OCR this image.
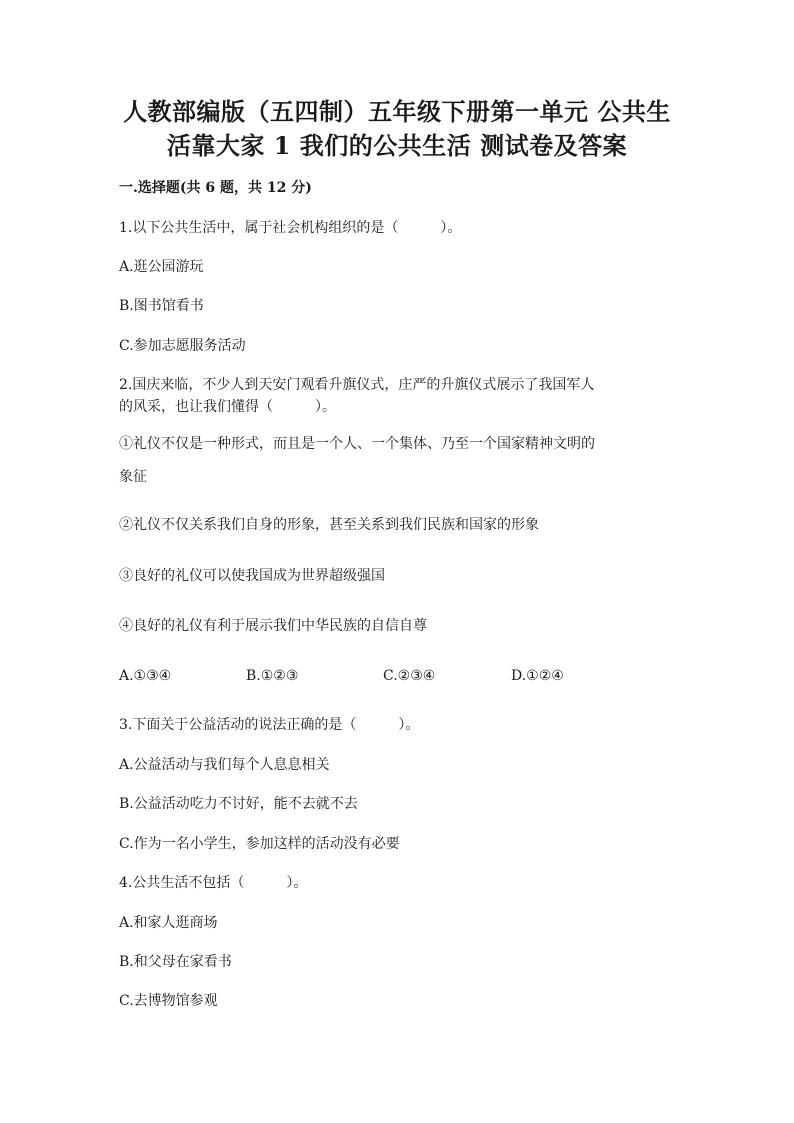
人教部编版（五四制）五年级下册第一单元 公共生
活靠大家 1 我们的公共生活 测试卷及答案
一.选择题(共 6 题，共 12 分)
1.以下公共生活中，属于社会机构组织的是（　　　）。
A.逛公园游玩
B.图书馆看书
C.参加志愿服务活动
2.国庆来临，不少人到天安门观看升旗仪式，庄严的升旗仪式展示了我国军人
的风采，也让我们懂得（　　　）。
①礼仪不仅是一种形式，而且是一个人、一个集体、乃至一个国家精神文明的
象征
②礼仪不仅关系我们自身的形象，甚至关系到我们民族和国家的形象
③良好的礼仪可以使我国成为世界超级强国
④良好的礼仪有利于展示我们中华民族的自信自尊
A.①③④	B.①②③	C.②③④	D.①②④
3.下面关于公益活动的说法正确的是（　　　）。
A.公益活动与我们每个人息息相关
B.公益活动吃力不讨好，能不去就不去
C.作为一名小学生，参加这样的活动没有必要
4.公共生活不包括（　　　）。
A.和家人逛商场
B.和父母在家看书
C.去博物馆参观
